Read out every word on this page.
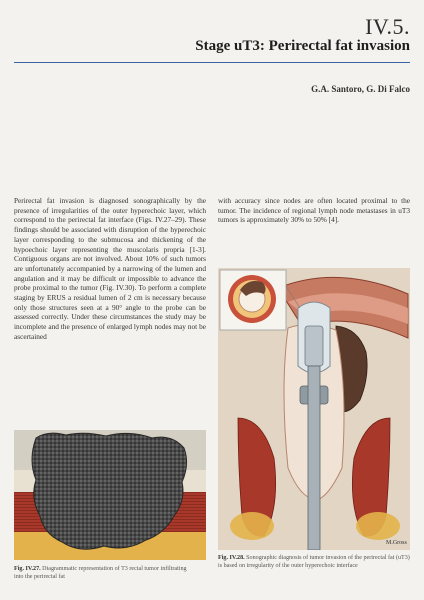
IV.5.
Stage uT3: Perirectal fat invasion
G.A. Santoro, G. Di Falco

Perirectal fat invasion is diagnosed sonographically by the presence of irregularities of the outer hyperechoic layer, which correspond to the perirectal fat interface (Figs. IV.27–29). These findings should be associated with disruption of the hyperechoic layer corresponding to the submucosa and thickening of the hypoechoic layer representing the muscolaris propria [1-3]. Contiguous organs are not involved. About 10% of such tumors are unfortunately accompanied by a narrowing of the lumen and angulation and it may be difficult or impossible to advance the probe proximal to the tumor (Fig. IV.30). To perform a complete staging by ERUS a residual lumen of 2 cm is necessary because only those structures seen at a 90° angle to the probe can be assessed correctly. Under these circumstances the study may be incomplete and the presence of enlarged lymph nodes may not be ascertained

with accuracy since nodes are often located proximal to the tumor. The incidence of regional lymph node metastases in uT3 tumors is approximately 30% to 50% [4].

Fig. IV.27. Diagrammatic representation of T3 rectal tumor infiltrating into the perirectal fat

M.Gross

Fig. IV.28. Sonographic diagnosis of tumor invasion of the perirectal fat (uT3) is based on irregularity of the outer hyperechoic interface
